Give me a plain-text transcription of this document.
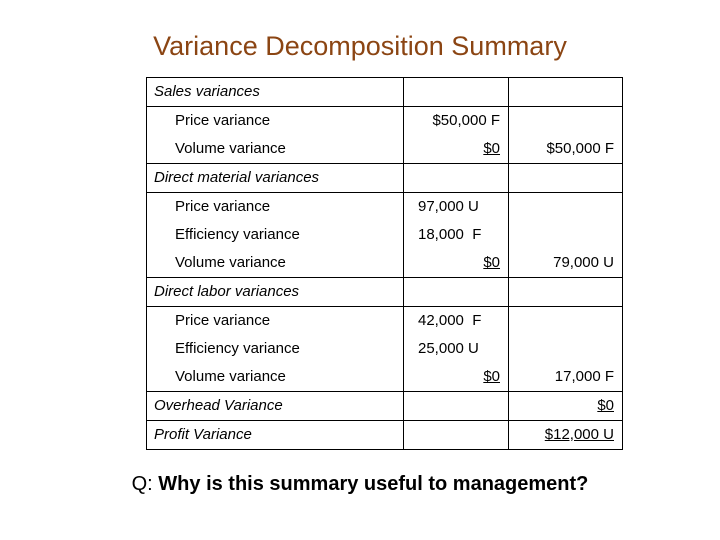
Variance Decomposition Summary
Sales variances		
Price variance	$50,000 F	
Volume variance	$0	$50,000 F
Direct material variances		
Price variance	97,000 U	
Efficiency variance	18,000  F	
Volume variance	$0	79,000 U
Direct labor variances		
Price variance	42,000  F	
Efficiency variance	25,000 U	
Volume variance	$0	17,000 F
Overhead Variance		$0
Profit Variance		$12,000 U
Q: Why is this summary useful to management?
